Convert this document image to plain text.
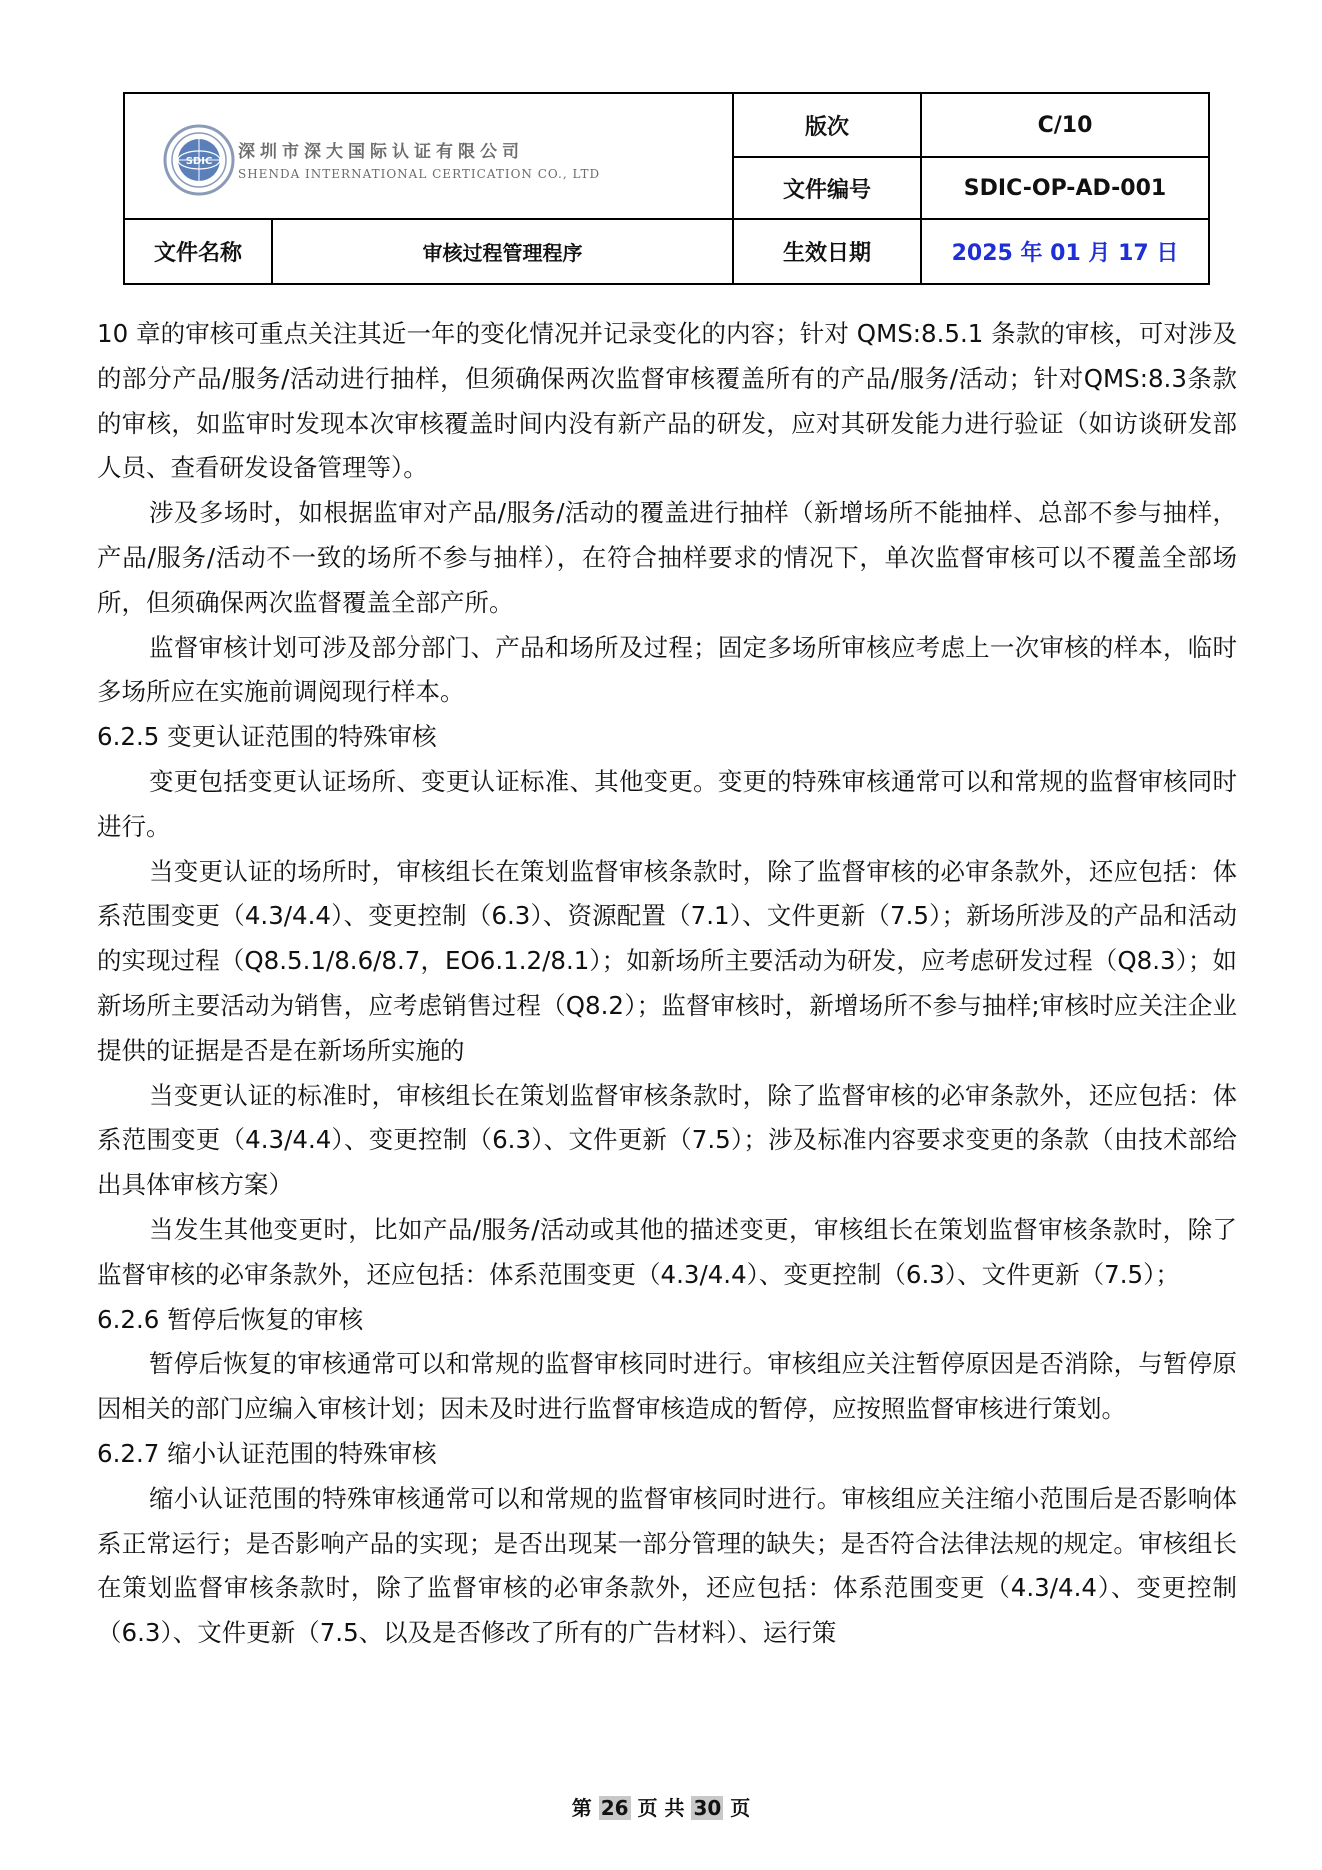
SDIC 深圳市深大国际认证有限公司
SHENDA INTERNATIONAL CERTICATION CO., LTD
版次	C/10
文件编号	SDIC-OP-AD-001
文件名称	审核过程管理程序	生效日期	2025 年 01 月 17 日

10 章的审核可重点关注其近一年的变化情况并记录变化的内容；针对 QMS:8.5.1 条款的审核，可对涉及的部分产品/服务/活动进行抽样，但须确保两次监督审核覆盖所有的产品/服务/活动；针对QMS:8.3条款的审核，如监审时发现本次审核覆盖时间内没有新产品的研发，应对其研发能力进行验证（如访谈研发部人员、查看研发设备管理等）。

涉及多场时，如根据监审对产品/服务/活动的覆盖进行抽样（新增场所不能抽样、总部不参与抽样，产品/服务/活动不一致的场所不参与抽样），在符合抽样要求的情况下，单次监督审核可以不覆盖全部场所，但须确保两次监督覆盖全部产所。

监督审核计划可涉及部分部门、产品和场所及过程；固定多场所审核应考虑上一次审核的样本，临时多场所应在实施前调阅现行样本。

6.2.5 变更认证范围的特殊审核

变更包括变更认证场所、变更认证标准、其他变更。变更的特殊审核通常可以和常规的监督审核同时进行。

当变更认证的场所时，审核组长在策划监督审核条款时，除了监督审核的必审条款外，还应包括：体系范围变更（4.3/4.4）、变更控制（6.3）、资源配置（7.1）、文件更新（7.5）；新场所涉及的产品和活动的实现过程（Q8.5.1/8.6/8.7，EO6.1.2/8.1）；如新场所主要活动为研发，应考虑研发过程（Q8.3）；如新场所主要活动为销售，应考虑销售过程（Q8.2）；监督审核时，新增场所不参与抽样;审核时应关注企业提供的证据是否是在新场所实施的

当变更认证的标准时，审核组长在策划监督审核条款时，除了监督审核的必审条款外，还应包括：体系范围变更（4.3/4.4）、变更控制（6.3）、文件更新（7.5）；涉及标准内容要求变更的条款（由技术部给出具体审核方案）

当发生其他变更时，比如产品/服务/活动或其他的描述变更，审核组长在策划监督审核条款时，除了监督审核的必审条款外，还应包括：体系范围变更（4.3/4.4）、变更控制（6.3）、文件更新（7.5）；

6.2.6 暂停后恢复的审核

暂停后恢复的审核通常可以和常规的监督审核同时进行。审核组应关注暂停原因是否消除，与暂停原因相关的部门应编入审核计划；因未及时进行监督审核造成的暂停，应按照监督审核进行策划。

6.2.7 缩小认证范围的特殊审核

缩小认证范围的特殊审核通常可以和常规的监督审核同时进行。审核组应关注缩小范围后是否影响体系正常运行；是否影响产品的实现；是否出现某一部分管理的缺失；是否符合法律法规的规定。审核组长在策划监督审核条款时，除了监督审核的必审条款外，还应包括：体系范围变更（4.3/4.4）、变更控制（6.3）、文件更新（7.5、以及是否修改了所有的广告材料）、运行策

第 26 页 共 30 页
